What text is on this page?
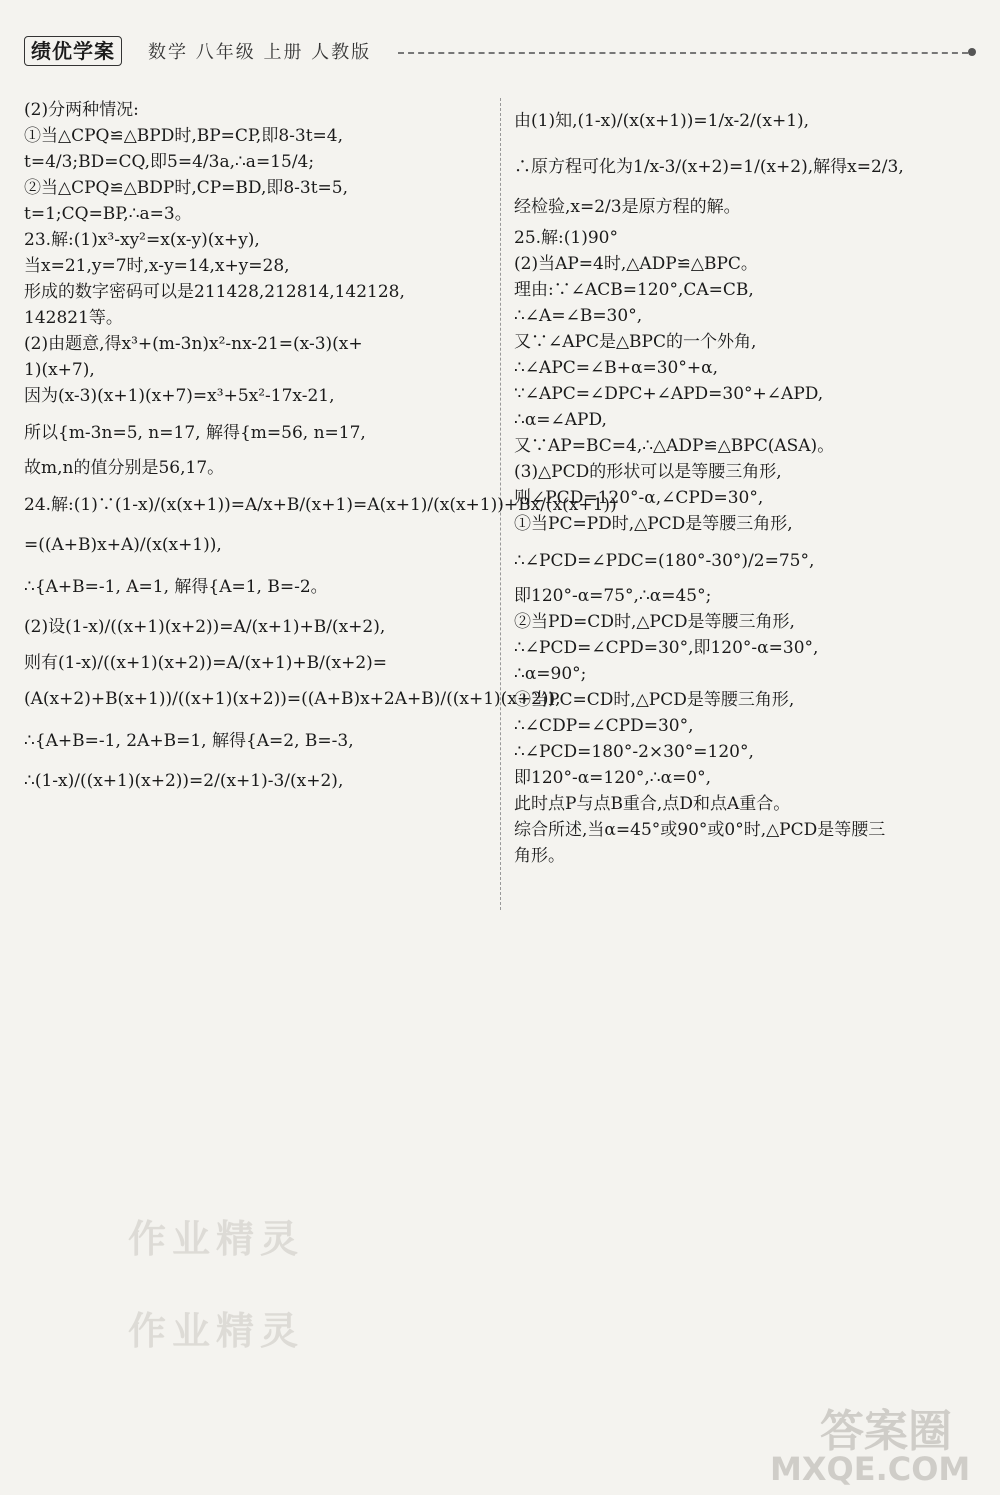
绩优学案	数学 八年级 上册 人教版
(2)分两种情况:
①当△CPQ≌△BPD时,BP=CP,即8-3t=4,
t=4/3;BD=CQ,即5=4/3a,∴a=15/4;
②当△CPQ≌△BDP时,CP=BD,即8-3t=5,
t=1;CQ=BP,∴a=3。
23.解:(1)x³-xy²=x(x-y)(x+y),
当x=21,y=7时,x-y=14,x+y=28,
形成的数字密码可以是211428,212814,142128,
142821等。
(2)由题意,得x³+(m-3n)x²-nx-21=(x-3)(x+
1)(x+7),
因为(x-3)(x+1)(x+7)=x³+5x²-17x-21,
所以{m-3n=5, n=17, 解得{m=56, n=17,
故m,n的值分别是56,17。
24.解:(1)∵(1-x)/(x(x+1))=A/x+B/(x+1)=A(x+1)/(x(x+1))+Bx/(x(x+1))
=((A+B)x+A)/(x(x+1)),
∴{A+B=-1, A=1, 解得{A=1, B=-2。
(2)设(1-x)/((x+1)(x+2))=A/(x+1)+B/(x+2),
则有(1-x)/((x+1)(x+2))=A/(x+1)+B/(x+2)=
(A(x+2)+B(x+1))/((x+1)(x+2))=((A+B)x+2A+B)/((x+1)(x+2)),
∴{A+B=-1, 2A+B=1, 解得{A=2, B=-3,
∴(1-x)/((x+1)(x+2))=2/(x+1)-3/(x+2),
由(1)知,(1-x)/(x(x+1))=1/x-2/(x+1),
∴原方程可化为1/x-3/(x+2)=1/(x+2),解得x=2/3,
经检验,x=2/3是原方程的解。
25.解:(1)90°
(2)当AP=4时,△ADP≌△BPC。
理由:∵∠ACB=120°,CA=CB,
∴∠A=∠B=30°,
又∵∠APC是△BPC的一个外角,
∴∠APC=∠B+α=30°+α,
∵∠APC=∠DPC+∠APD=30°+∠APD,
∴α=∠APD,
又∵AP=BC=4,∴△ADP≌△BPC(ASA)。
(3)△PCD的形状可以是等腰三角形,
则∠PCD=120°-α,∠CPD=30°,
①当PC=PD时,△PCD是等腰三角形,
∴∠PCD=∠PDC=(180°-30°)/2=75°,
即120°-α=75°,∴α=45°;
②当PD=CD时,△PCD是等腰三角形,
∴∠PCD=∠CPD=30°,即120°-α=30°,
∴α=90°;
③当PC=CD时,△PCD是等腰三角形,
∴∠CDP=∠CPD=30°,
∴∠PCD=180°-2×30°=120°,
即120°-α=120°,∴α=0°,
此时点P与点B重合,点D和点A重合。
综合所述,当α=45°或90°或0°时,△PCD是等腰三
角形。
作业精灵
作业精灵
答案圈
MXQE.COM
